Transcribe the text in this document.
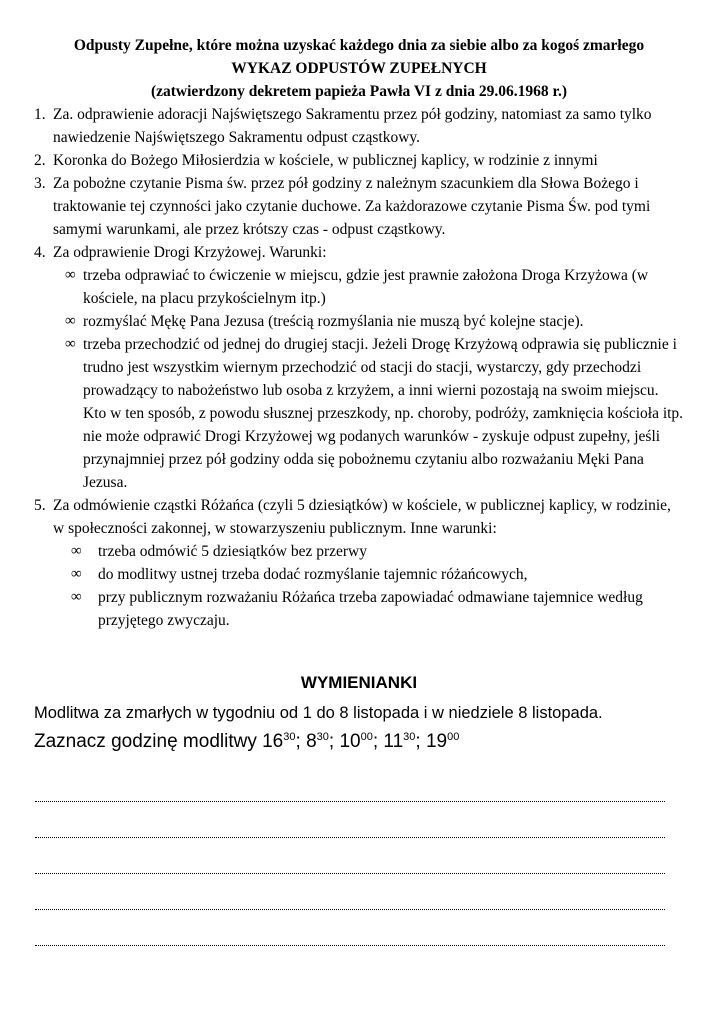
Odpusty Zupełne, które można uzyskać każdego dnia za siebie albo za kogoś zmarłego
WYKAZ ODPUSTÓW ZUPEŁNYCH
(zatwierdzony dekretem papieża Pawła VI z dnia 29.06.1968 r.)
1. Za. odprawienie adoracji Najświętszego Sakramentu przez pół godziny, natomiast za samo tylko nawiedzenie Najświętszego Sakramentu odpust cząstkowy.
2. Koronka do Bożego Miłosierdzia w kościele, w publicznej kaplicy, w rodzinie z innymi
3. Za pobożne czytanie Pisma św. przez pół godziny z należnym szacunkiem dla Słowa Bożego i traktowanie tej czynności jako czytanie duchowe. Za każdorazowe czytanie Pisma Św. pod tymi samymi warunkami, ale przez krótszy czas - odpust cząstkowy.
4. Za odprawienie Drogi Krzyżowej. Warunki:
∞ trzeba odprawiać to ćwiczenie w miejscu, gdzie jest prawnie założona Droga Krzyżowa (w kościele, na placu przykościelnym itp.)
∞ rozmyślać Mękę Pana Jezusa (treścią rozmyślania nie muszą być kolejne stacje).
∞ trzeba przechodzić od jednej do drugiej stacji. Jeżeli Drogę Krzyżową odprawia się publicznie i trudno jest wszystkim wiernym przechodzić od stacji do stacji, wystarczy, gdy przechodzi prowadzący to nabożeństwo lub osoba z krzyżem, a inni wierni pozostają na swoim miejscu. Kto w ten sposób, z powodu słusznej przeszkody, np. choroby, podróży, zamknięcia kościoła itp. nie może odprawić Drogi Krzyżowej wg podanych warunków - zyskuje odpust zupełny, jeśli przynajmniej przez pół godziny odda się pobożnemu czytaniu albo rozważaniu Męki Pana Jezusa.
5. Za odmówienie cząstki Różańca (czyli 5 dziesiątków) w kościele, w publicznej kaplicy, w rodzinie, w społeczności zakonnej, w stowarzyszeniu publicznym. Inne warunki:
∞ trzeba odmówić 5 dziesiątków bez przerwy
∞ do modlitwy ustnej trzeba dodać rozmyślanie tajemnic różańcowych,
∞ przy publicznym rozważaniu Różańca trzeba zapowiadać odmawiane tajemnice według przyjętego zwyczaju.
WYMIENIANKI
Modlitwa za zmarłych w tygodniu od 1 do 8 listopada i w niedziele 8 listopada.
Zaznacz godzinę modlitwy $16^{30}$; $8^{30}$; $10^{00}$; $11^{30}$; $19^{00}$
